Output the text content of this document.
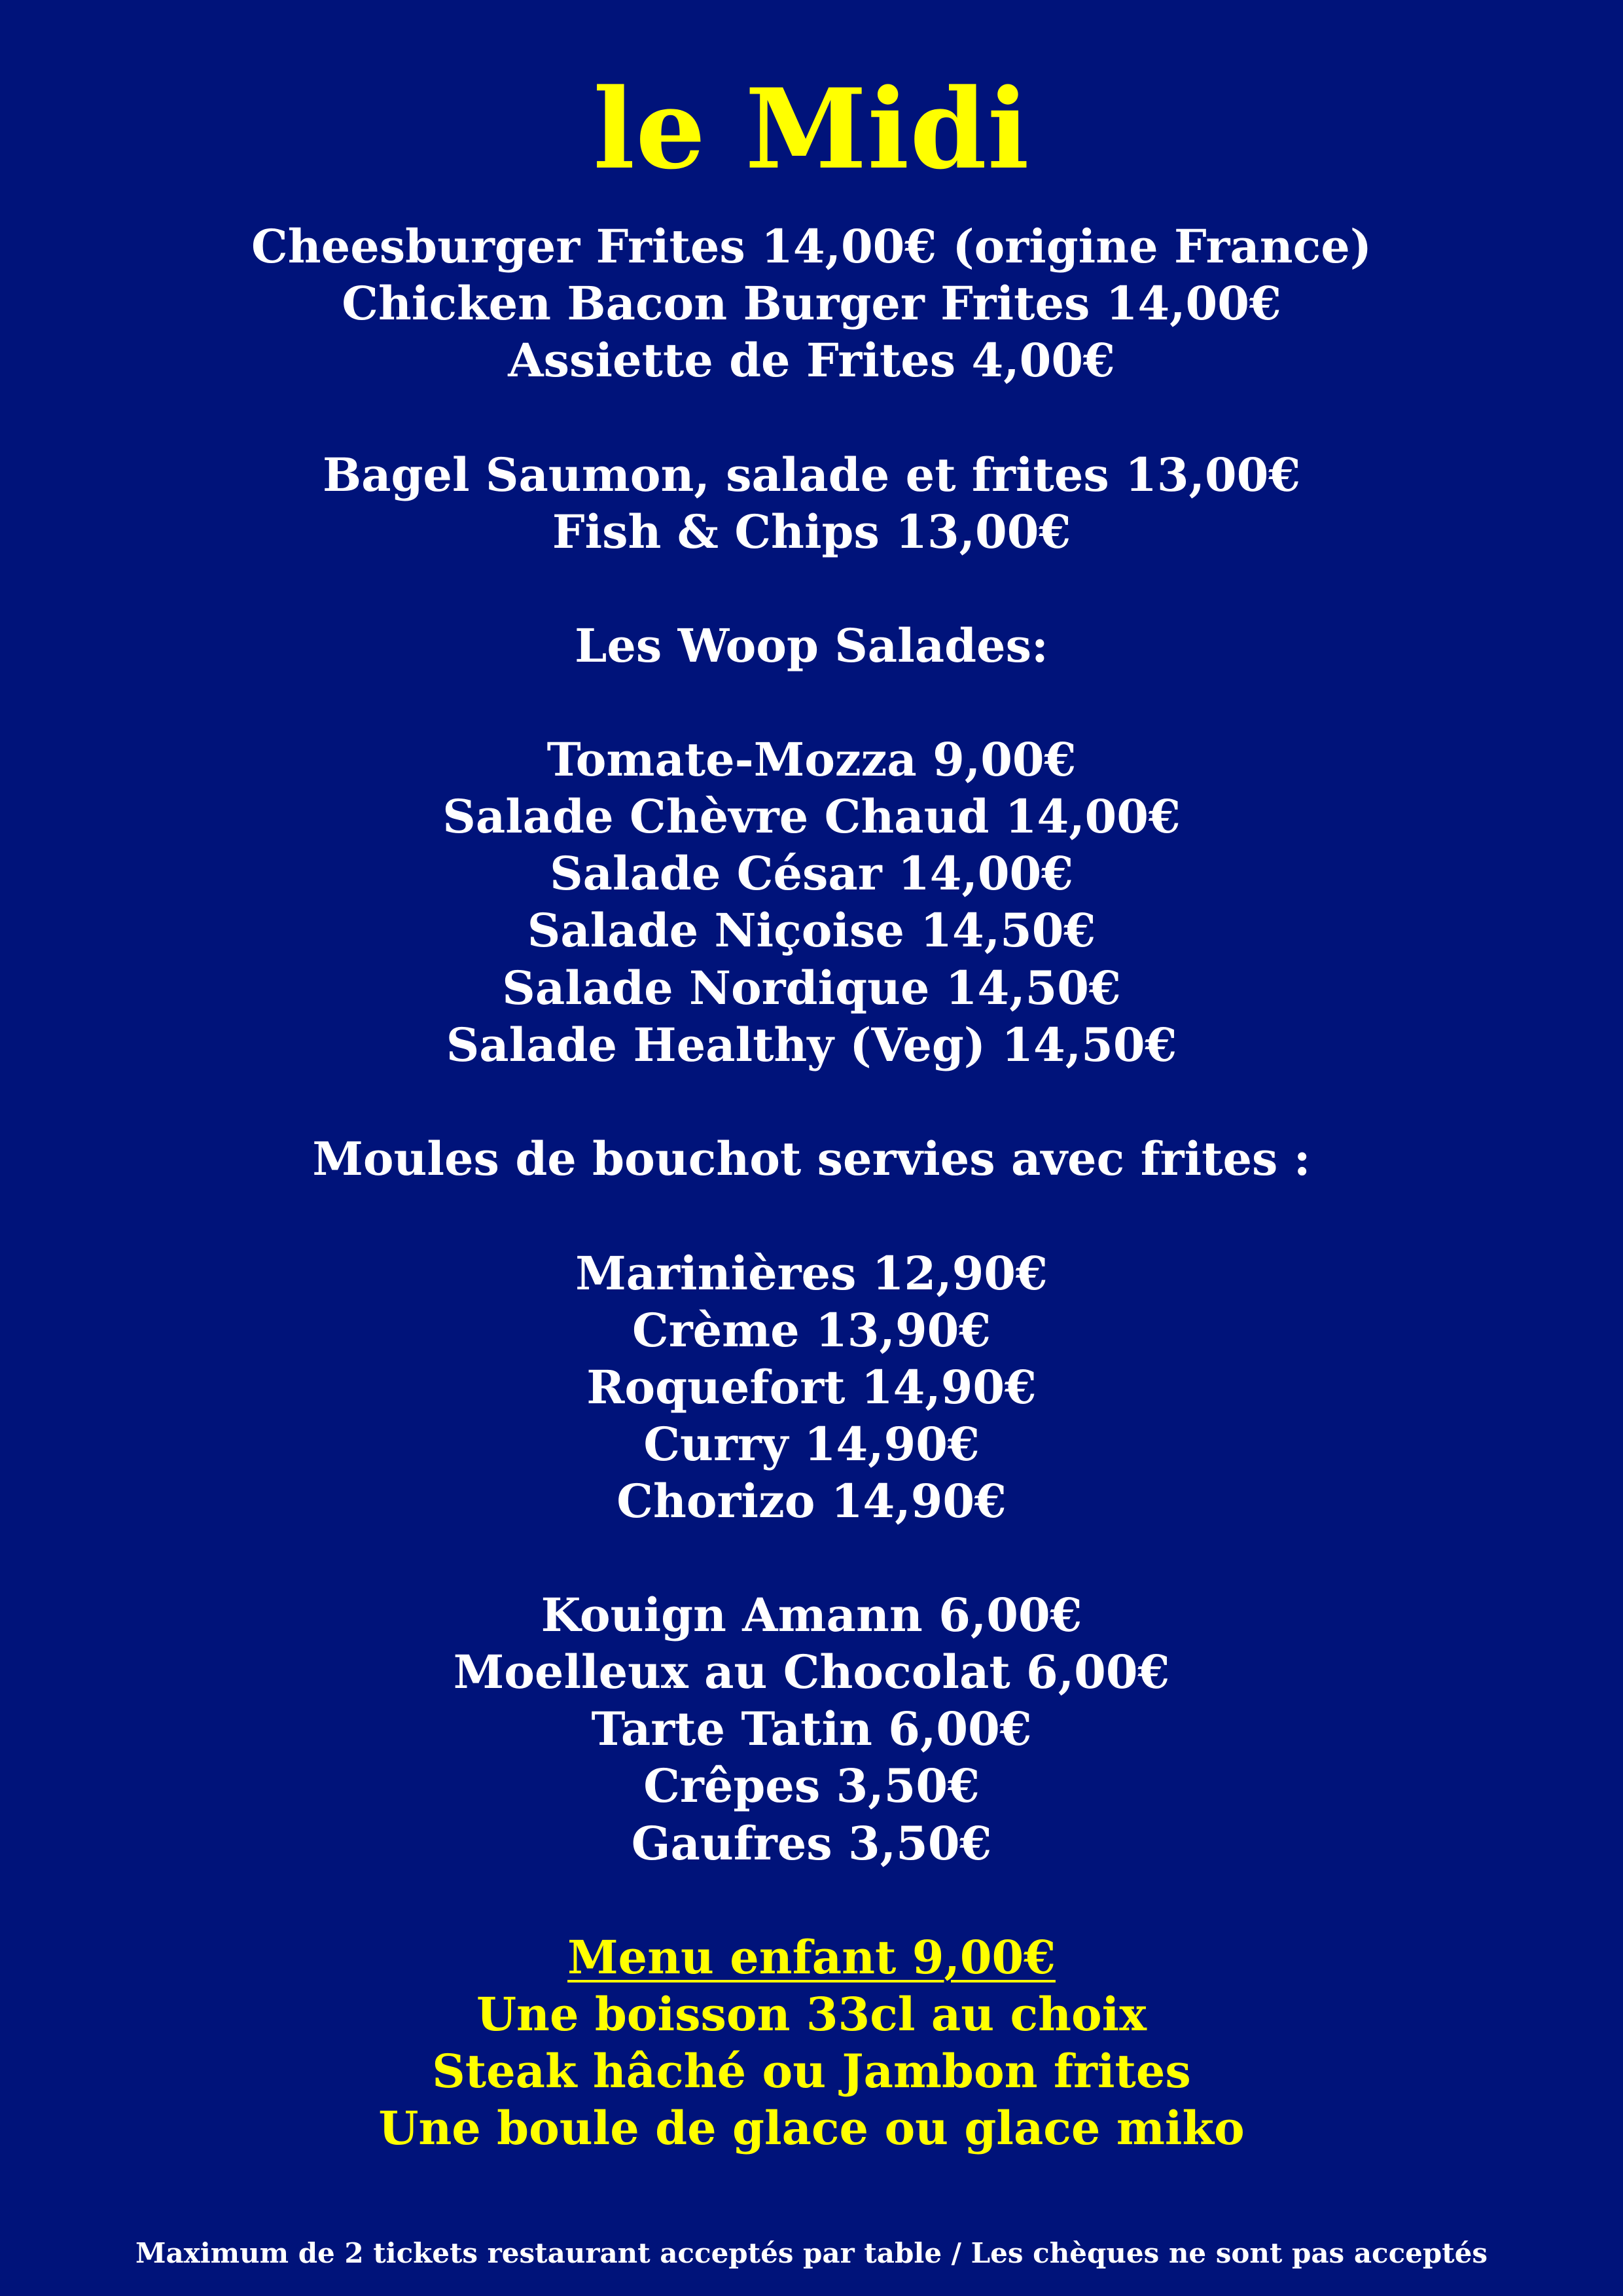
le Midi
Cheesburger Frites 14,00€ (origine France)
Chicken Bacon Burger Frites 14,00€
Assiette de Frites 4,00€
Bagel Saumon, salade et frites 13,00€
Fish & Chips 13,00€
Les Woop Salades:
Tomate-Mozza 9,00€
Salade Chèvre Chaud 14,00€
Salade César 14,00€
Salade Niçoise 14,50€
Salade Nordique 14,50€
Salade Healthy (Veg) 14,50€
Moules de bouchot servies avec frites :
Marinières 12,90€
Crème 13,90€
Roquefort 14,90€
Curry 14,90€
Chorizo 14,90€
Kouign Amann 6,00€
Moelleux au Chocolat 6,00€
Tarte Tatin 6,00€
Crêpes 3,50€
Gaufres 3,50€
Menu enfant 9,00€
Une boisson 33cl au choix
Steak hâché ou Jambon frites
Une boule de glace ou glace miko
Maximum de 2 tickets restaurant acceptés par table / Les chèques ne sont pas acceptés
